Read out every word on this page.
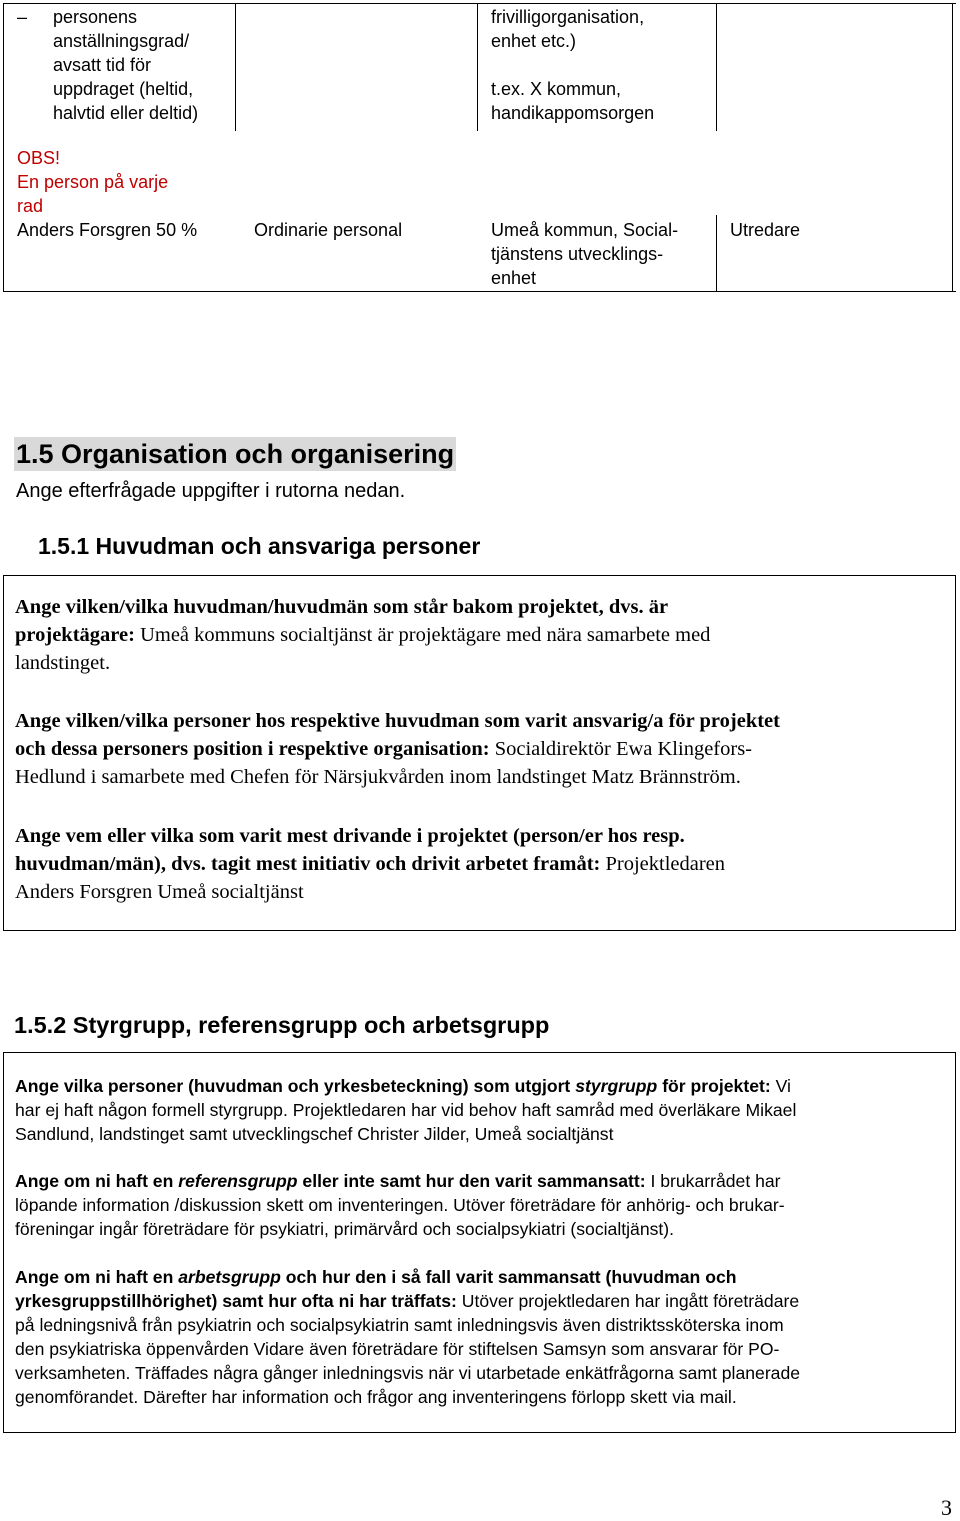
– personens
anställningsgrad/
avsatt tid för
uppdraget (heltid,
halvtid eller deltid)
frivilligorganisation,
enhet etc.)
t.ex. X kommun,
handikappomsorgen
OBS!
En person på varje
rad
Anders Forsgren 50 %	Ordinarie personal	Umeå kommun, Social-
tjänstens utvecklings-
enhet
Utredare
1.5 Organisation och organisering
Ange efterfrågade uppgifter i rutorna nedan.
1.5.1 Huvudman och ansvariga personer
Ange vilken/vilka huvudman/huvudmän som står bakom projektet, dvs. är
projektägare: Umeå kommuns socialtjänst är projektägare med nära samarbete med
landstinget.
Ange vilken/vilka personer hos respektive huvudman som varit ansvarig/a för projektet
och dessa personers position i respektive organisation: Socialdirektör Ewa Klingefors-
Hedlund i samarbete med Chefen för Närsjukvården inom landstinget Matz Brännström.
Ange vem eller vilka som varit mest drivande i projektet (person/er hos resp.
huvudman/män), dvs. tagit mest initiativ och drivit arbetet framåt: Projektledaren
Anders Forsgren Umeå socialtjänst
1.5.2 Styrgrupp, referensgrupp och arbetsgrupp
Ange vilka personer (huvudman och yrkesbeteckning) som utgjort styrgrupp för projektet: Vi
har ej haft någon formell styrgrupp. Projektledaren har vid behov haft samråd med överläkare Mikael
Sandlund, landstinget samt utvecklingschef Christer Jilder, Umeå socialtjänst
Ange om ni haft en referensgrupp eller inte samt hur den varit sammansatt: I brukarrådet har
löpande information /diskussion skett om inventeringen. Utöver företrädare för anhörig- och brukar-
föreningar ingår företrädare för psykiatri, primärvård och socialpsykiatri (socialtjänst).
Ange om ni haft en arbetsgrupp och hur den i så fall varit sammansatt (huvudman och
yrkesgruppstillhörighet) samt hur ofta ni har träffats: Utöver projektledaren har ingått företrädare
på ledningsnivå från psykiatrin och socialpsykiatrin samt inledningsvis även distriktssköterska inom
den psykiatriska öppenvården Vidare även företrädare för stiftelsen Samsyn som ansvarar för PO-
verksamheten. Träffades några gånger inledningsvis när vi utarbetade enkätfrågorna samt planerade
genomförandet. Därefter har information och frågor ang inventeringens förlopp skett via mail.
3
